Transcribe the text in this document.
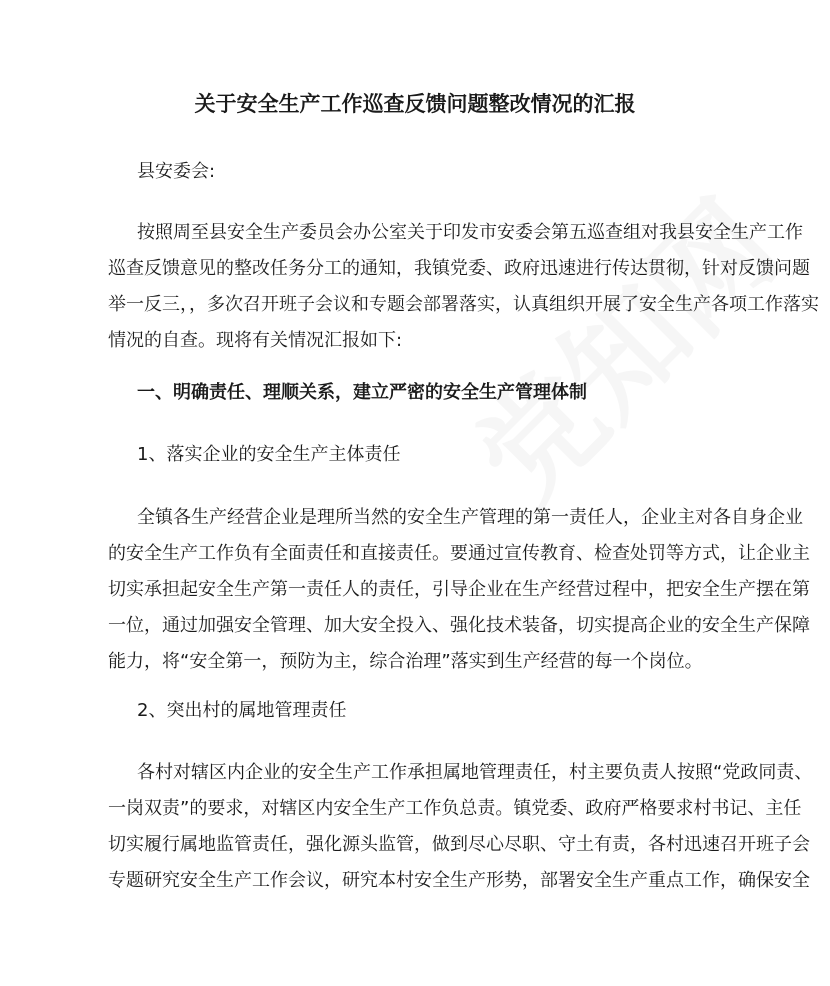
关于安全生产工作巡查反馈问题整改情况的汇报
县安委会:
按照周至县安全生产委员会办公室关于印发市安委会第五巡查组对我县安全生产工作
巡查反馈意见的整改任务分工的通知，我镇党委、政府迅速进行传达贯彻，针对反馈问题
举一反三，，多次召开班子会议和专题会部署落实，认真组织开展了安全生产各项工作落实
情况的自查。现将有关情况汇报如下:
一、明确责任、理顺关系，建立严密的安全生产管理体制
1、落实企业的安全生产主体责任
全镇各生产经营企业是理所当然的安全生产管理的第一责任人，企业主对各自身企业
的安全生产工作负有全面责任和直接责任。要通过宣传教育、检查处罚等方式，让企业主
切实承担起安全生产第一责任人的责任，引导企业在生产经营过程中，把安全生产摆在第
一位，通过加强安全管理、加大安全投入、强化技术装备，切实提高企业的安全生产保障
能力，将“安全第一，预防为主，综合治理”落实到生产经营的每一个岗位。
2、突出村的属地管理责任
各村对辖区内企业的安全生产工作承担属地管理责任，村主要负责人按照“党政同责、
一岗双责”的要求，对辖区内安全生产工作负总责。镇党委、政府严格要求村书记、主任
切实履行属地监管责任，强化源头监管，做到尽心尽职、守土有责，各村迅速召开班子会
专题研究安全生产工作会议，研究本村安全生产形势，部署安全生产重点工作，确保安全
